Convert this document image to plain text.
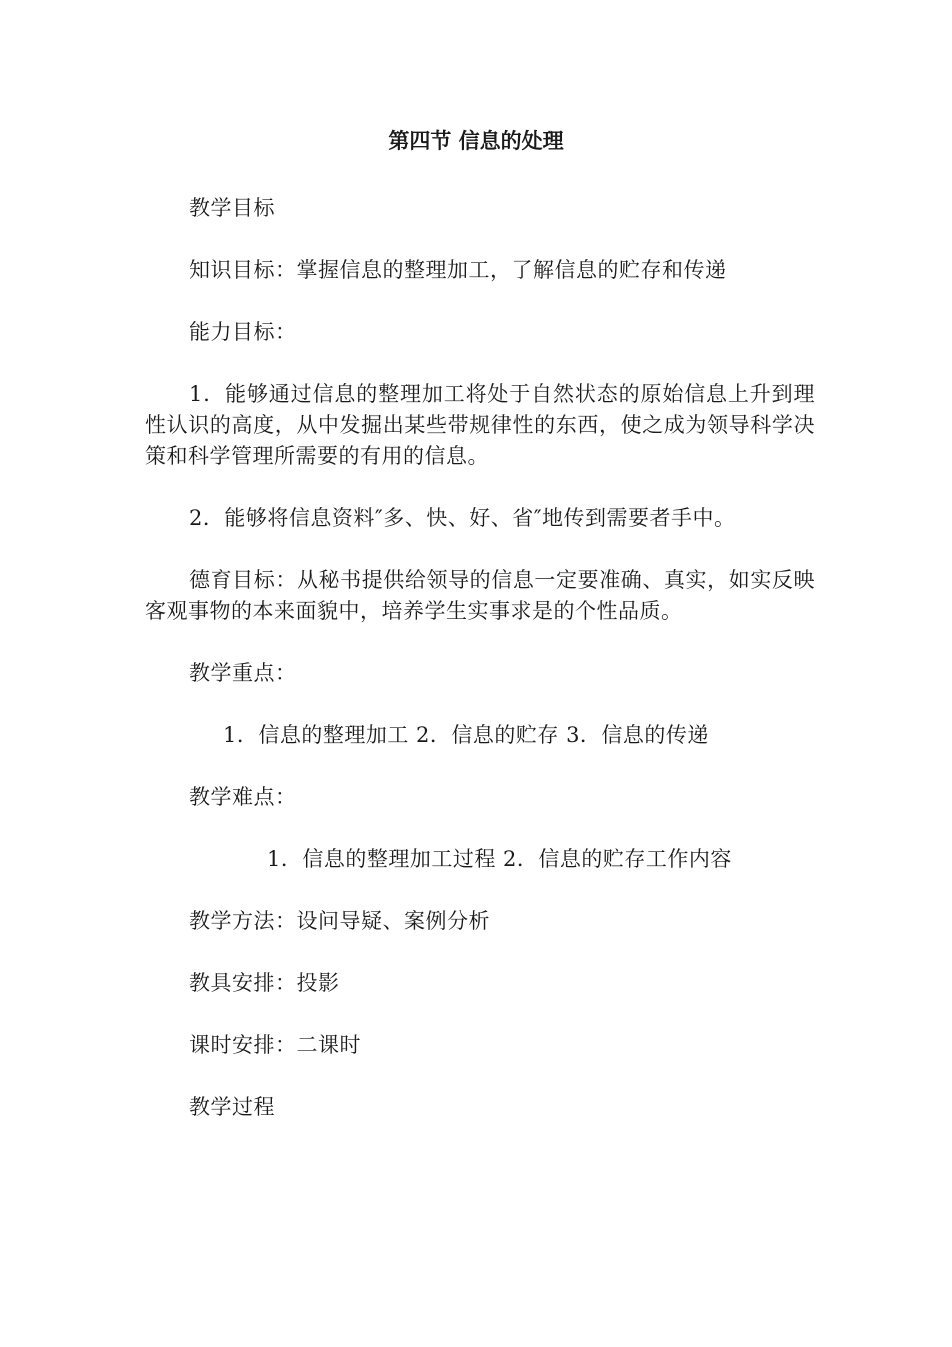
第四节 信息的处理

教学目标

知识目标：掌握信息的整理加工，了解信息的贮存和传递

能力目标：

1．能够通过信息的整理加工将处于自然状态的原始信息上升到理性认识的高度，从中发掘出某些带规律性的东西，使之成为领导科学决策和科学管理所需要的有用的信息。

2．能够将信息资料″多、快、好、省″地传到需要者手中。

德育目标：从秘书提供给领导的信息一定要准确、真实，如实反映客观事物的本来面貌中，培养学生实事求是的个性品质。

教学重点：

1．信息的整理加工 2．信息的贮存 3．信息的传递

教学难点：

1．信息的整理加工过程 2．信息的贮存工作内容

教学方法：设问导疑、案例分析

教具安排：投影

课时安排：二课时

教学过程
